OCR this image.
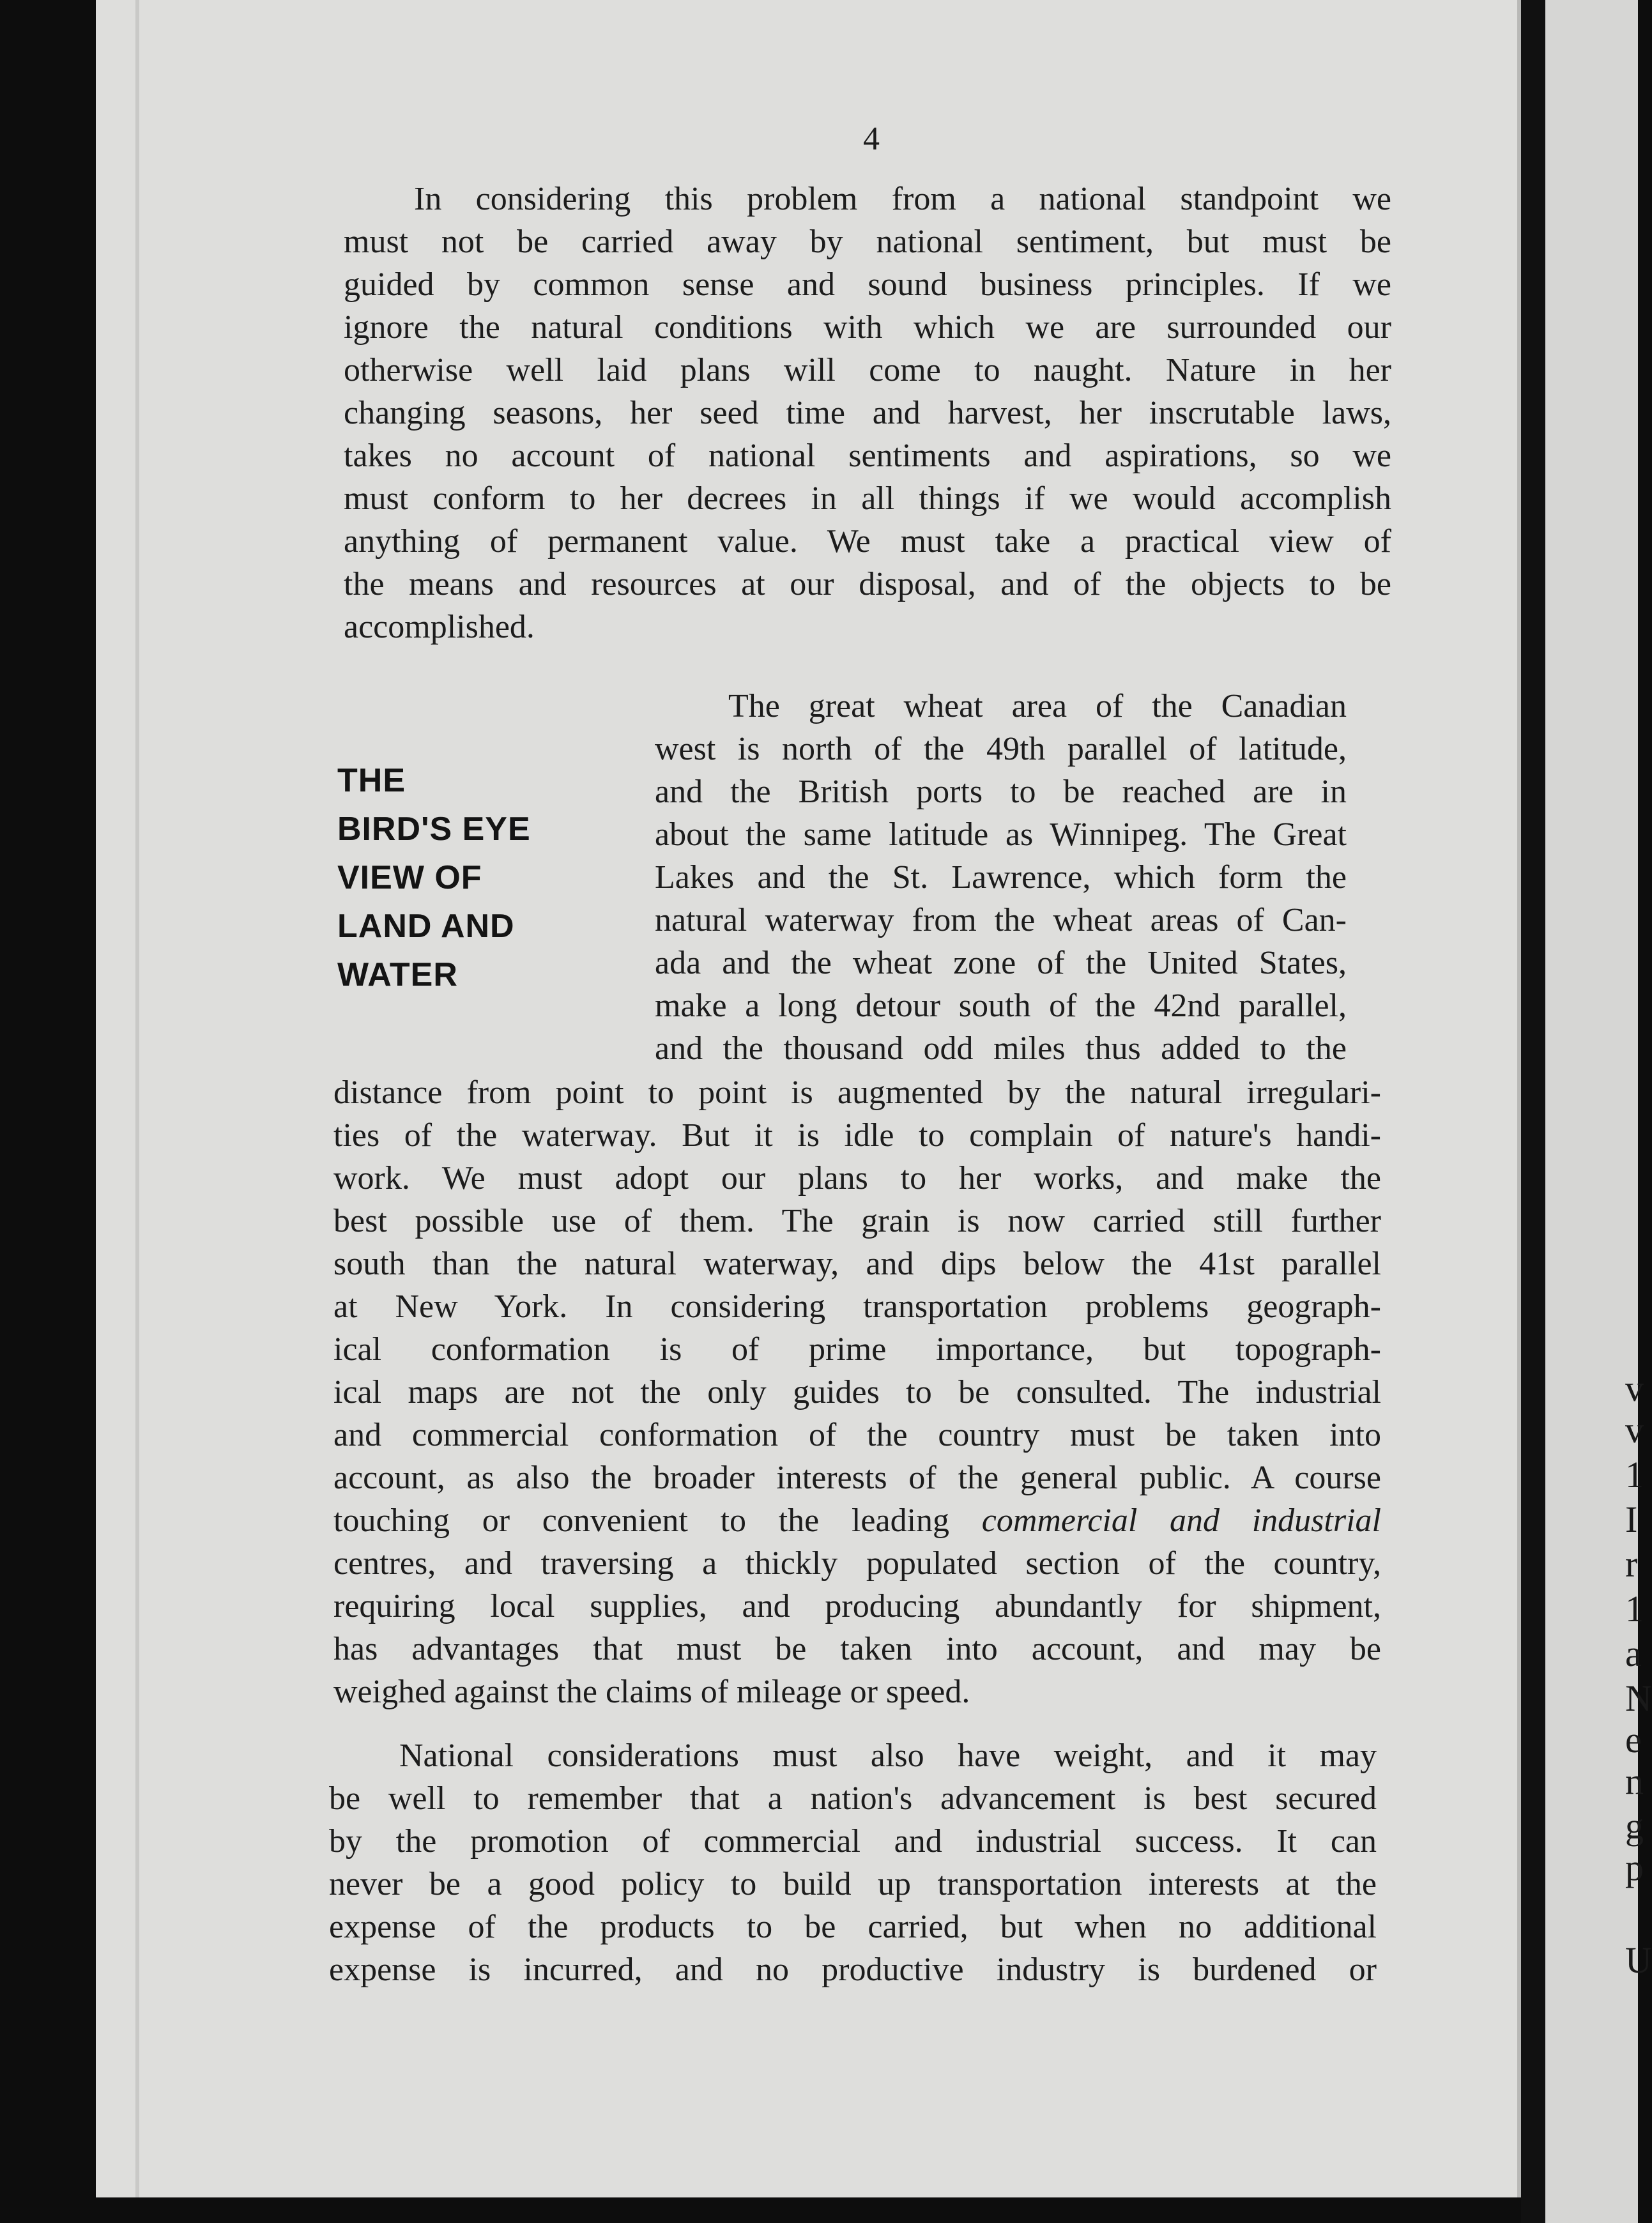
v
v
1
I
r
1
a
N
e
n
g
p
U
4
In considering this problem from a national standpoint we
must not be carried away by national sentiment, but must be
guided by common sense and sound business principles. If we
ignore the natural conditions with which we are surrounded our
otherwise well laid plans will come to naught. Nature in her
changing seasons, her seed time and harvest, her inscrutable laws,
takes no account of national sentiments and aspirations, so we
must conform to her decrees in all things if we would accomplish
anything of permanent value. We must take a practical view of
the means and resources at our disposal, and of the objects to be
accomplished.
THE
BIRD'S EYE
VIEW OF
LAND AND
WATER
The great wheat area of the Canadian
west is north of the 49th parallel of latitude,
and the British ports to be reached are in
about the same latitude as Winnipeg. The Great
Lakes and the St. Lawrence, which form the
natural waterway from the wheat areas of Can-
ada and the wheat zone of the United States,
make a long detour south of the 42nd parallel,
and the thousand odd miles thus added to the
distance from point to point is augmented by the natural irregulari-
ties of the waterway. But it is idle to complain of nature's handi-
work. We must adopt our plans to her works, and make the
best possible use of them. The grain is now carried still further
south than the natural waterway, and dips below the 41st parallel
at New York. In considering transportation problems geograph-
ical conformation is of prime importance, but topograph-
ical maps are not the only guides to be consulted. The industrial
and commercial conformation of the country must be taken into
account, as also the broader interests of the general public. A course
touching or convenient to the leading commercial and industrial
centres, and traversing a thickly populated section of the country,
requiring local supplies, and producing abundantly for shipment,
has advantages that must be taken into account, and may be
weighed against the claims of mileage or speed.
National considerations must also have weight, and it may
be well to remember that a nation's advancement is best secured
by the promotion of commercial and industrial success. It can
never be a good policy to build up transportation interests at the
expense of the products to be carried, but when no additional
expense is incurred, and no productive industry is burdened or
